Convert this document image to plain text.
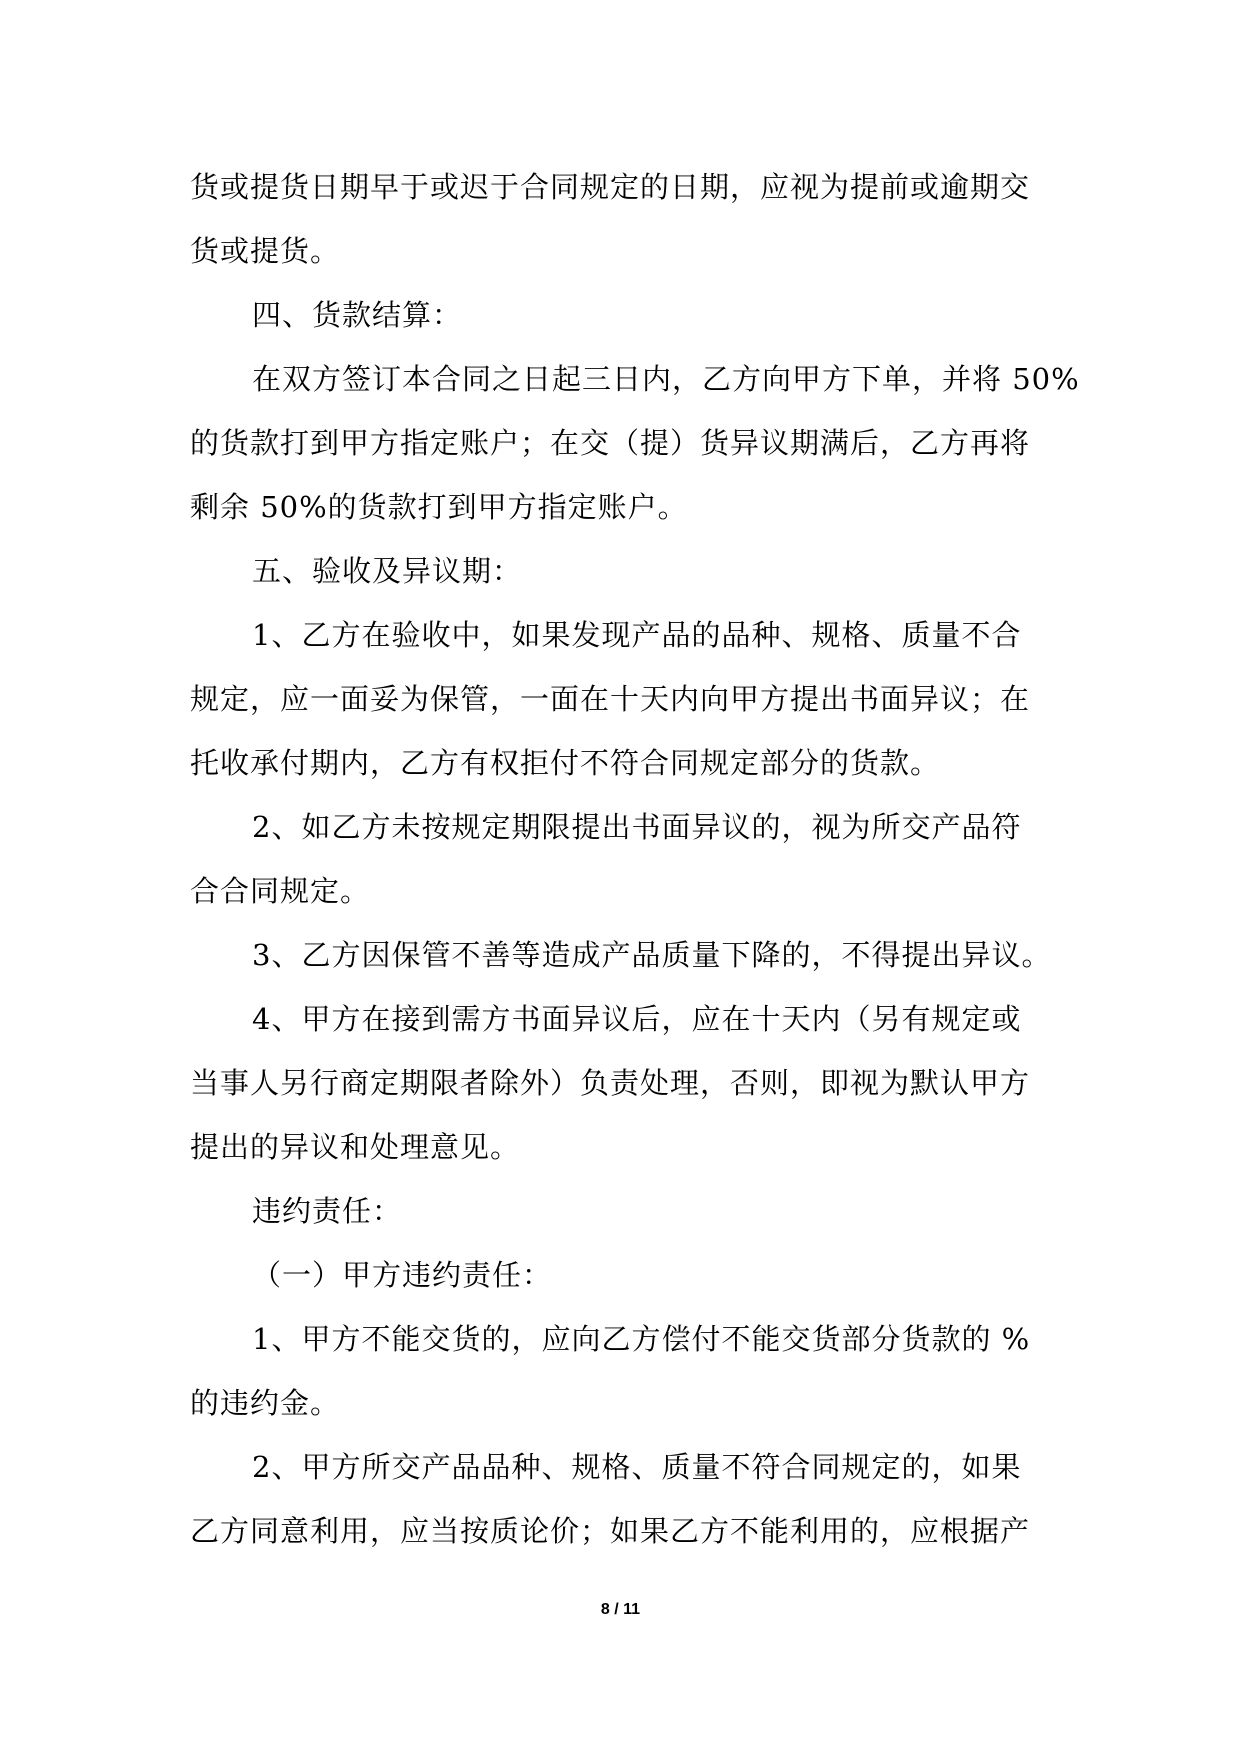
货或提货日期早于或迟于合同规定的日期，应视为提前或逾期交
货或提货。
四、货款结算：
在双方签订本合同之日起三日内，乙方向甲方下单，并将 50%
的货款打到甲方指定账户；在交（提）货异议期满后，乙方再将
剩余 50%的货款打到甲方指定账户。
五、验收及异议期：
1、乙方在验收中，如果发现产品的品种、规格、质量不合
规定，应一面妥为保管，一面在十天内向甲方提出书面异议；在
托收承付期内，乙方有权拒付不符合同规定部分的货款。
2、如乙方未按规定期限提出书面异议的，视为所交产品符
合合同规定。
3、乙方因保管不善等造成产品质量下降的，不得提出异议。
4、甲方在接到需方书面异议后，应在十天内（另有规定或
当事人另行商定期限者除外）负责处理，否则，即视为默认甲方
提出的异议和处理意见。
违约责任：
（一）甲方违约责任：
1、甲方不能交货的，应向乙方偿付不能交货部分货款的 %
的违约金。
2、甲方所交产品品种、规格、质量不符合同规定的，如果
乙方同意利用，应当按质论价；如果乙方不能利用的，应根据产
8 / 11
